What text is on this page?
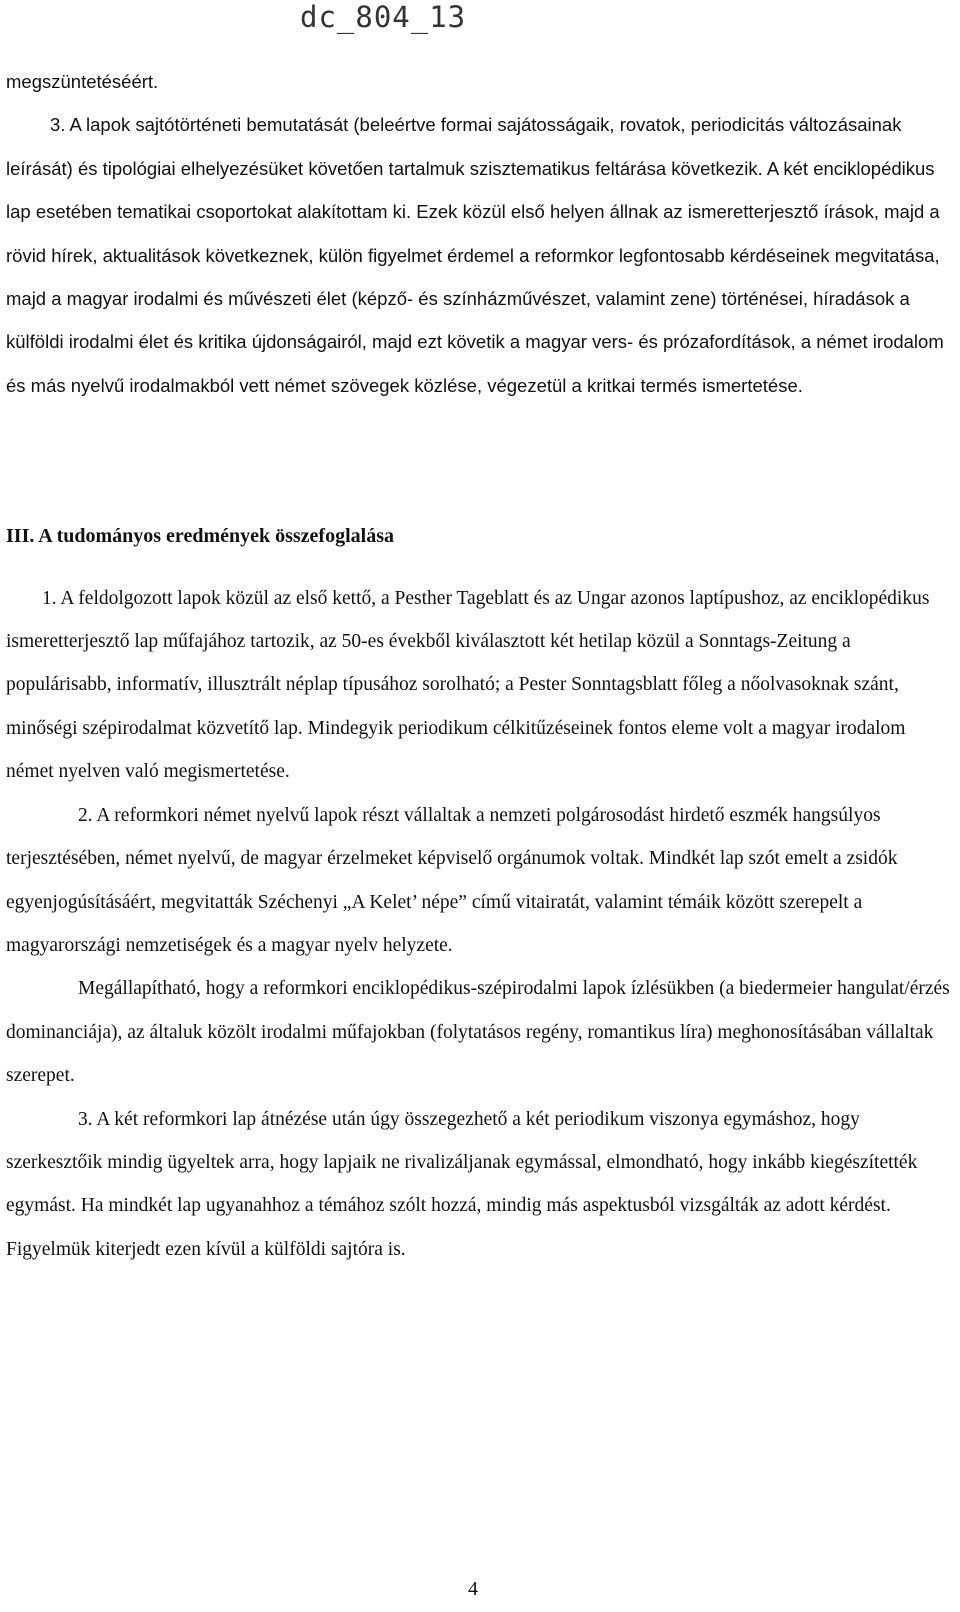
dc_804_13

megszüntetéséért.

3. A lapok sajtótörténeti bemutatását (beleértve formai sajátosságaik, rovatok, periodicitás változásainak leírását) és tipológiai elhelyezésüket követően tartalmuk szisztematikus feltárása következik. A két enciklopédikus lap esetében tematikai csoportokat alakítottam ki. Ezek közül első helyen állnak az ismeretterjesztő írások, majd a rövid hírek, aktualitások következnek, külön figyelmet érdemel a reformkor legfontosabb kérdéseinek megvitatása, majd a magyar irodalmi és művészeti élet (képző- és színházművészet, valamint zene) történései, híradások a külföldi irodalmi élet és kritika újdonságairól, majd ezt követik a magyar vers- és prózafordítások, a német irodalom és más nyelvű irodalmakból vett német szövegek közlése, végezetül a kritkai termés ismertetése.

III. A tudományos eredmények összefoglalása

1. A feldolgozott lapok közül az első kettő, a Pesther Tageblatt és az Ungar azonos laptípushoz, az enciklopédikus ismeretterjesztő lap műfajához tartozik, az 50-es évekből kiválasztott két hetilap közül a Sonntags-Zeitung a populárisabb, informatív, illusztrált néplap típusához sorolható; a Pester Sonntagsblatt főleg a nőolvasoknak szánt, minőségi szépirodalmat közvetítő lap. Mindegyik periodikum célkitűzéseinek fontos eleme volt a magyar irodalom német nyelven való megismertetése.

2. A reformkori német nyelvű lapok részt vállaltak a nemzeti polgárosodást hirdető eszmék hangsúlyos terjesztésében, német nyelvű, de magyar érzelmeket képviselő orgánumok voltak. Mindkét lap szót emelt a zsidók egyenjogúsításáért, megvitatták Széchenyi „A Kelet’ népe” című vitairatát, valamint témáik között szerepelt a magyarországi nemzetiségek és a magyar nyelv helyzete.

Megállapítható, hogy a reformkori enciklopédikus-szépirodalmi lapok ízlésükben (a biedermeier hangulat/érzés dominanciája), az általuk közölt irodalmi műfajokban (folytatásos regény, romantikus líra) meghonosításában vállaltak szerepet.

3. A két reformkori lap átnézése után úgy összegezhető a két periodikum viszonya egymáshoz, hogy szerkesztőik mindig ügyeltek arra, hogy lapjaik ne rivalizáljanak egymással, elmondható, hogy inkább kiegészítették egymást. Ha mindkét lap ugyanahhoz a témához szólt hozzá, mindig más aspektusból vizsgálták az adott kérdést. Figyelmük kiterjedt ezen kívül a külföldi sajtóra is.

4
